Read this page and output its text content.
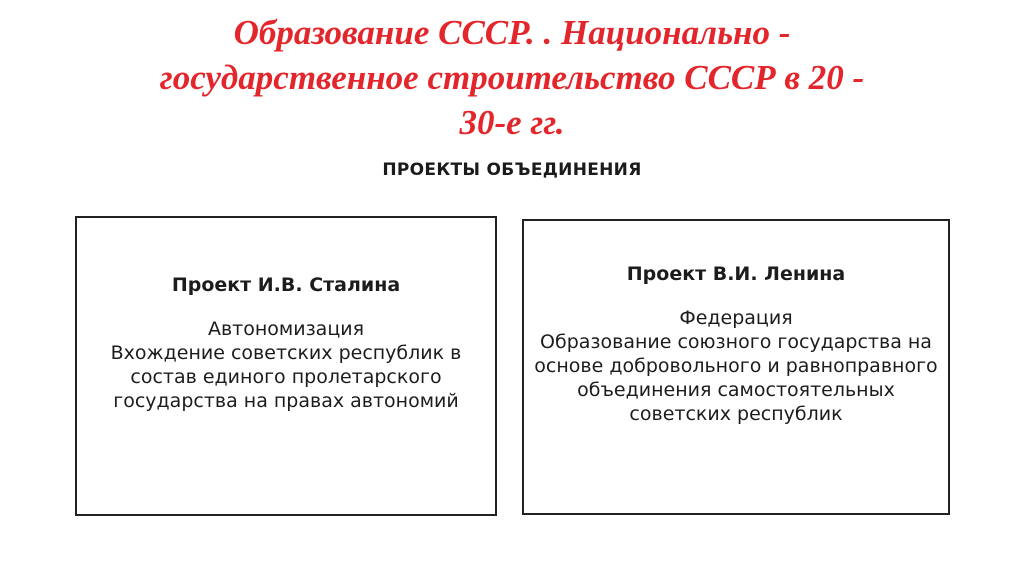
Образование СССР. . Национально -
государственное строительство СССР в 20 -
30-е гг.
ПРОЕКТЫ ОБЪЕДИНЕНИЯ
Проект И.В. Сталина
Автономизация
Вхождение советских республик в состав единого пролетарского государства на правах автономий
Проект В.И. Ленина
Федерация
Образование союзного государства на основе добровольного и равноправного объединения самостоятельных советских республик
